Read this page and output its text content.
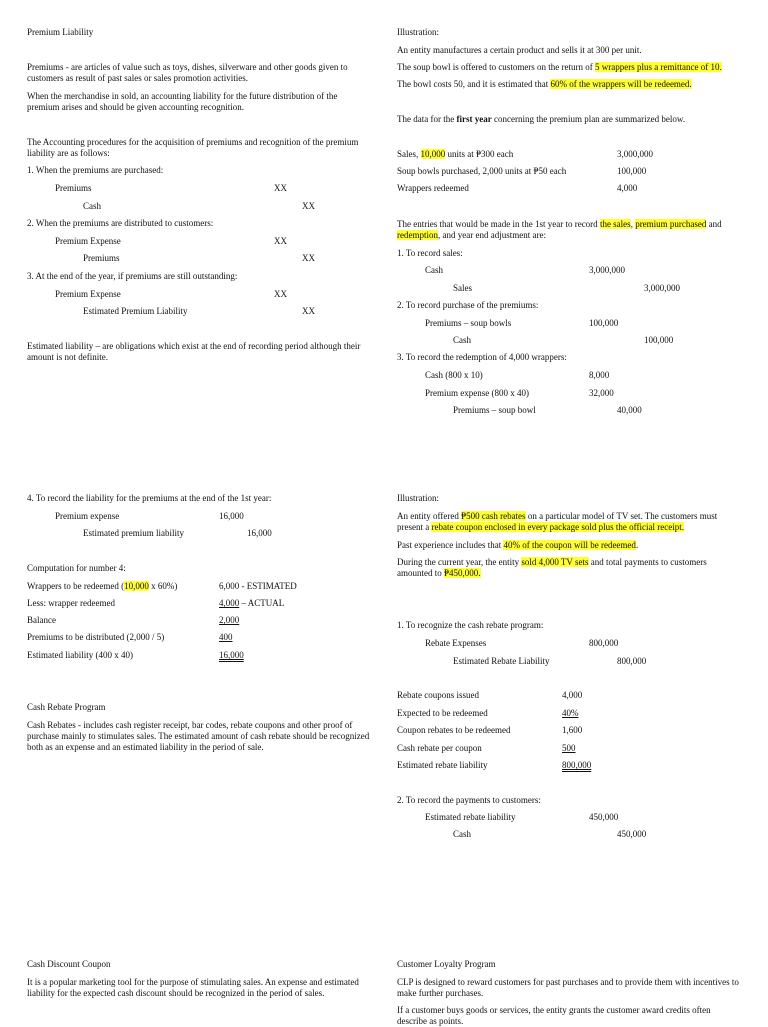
Premium Liability
Premiums - are articles of value such as toys, dishes, silverware and other goods given to customers as result of past sales or sales promotion activities.
When the merchandise in sold, an accounting liability for the future distribution of the premium arises and should be given accounting recognition.
The Accounting procedures for the acquisition of premiums and recognition of the premium liability are as follows:
1. When the premiums are purchased:
Premiums	XX
Cash	XX
2. When the premiums are distributed to customers:
Premium Expense	XX
Premiums	XX
3. At the end of the year, if premiums are still outstanding:
Premium Expense	XX
Estimated Premium Liability	XX
Estimated liability – are obligations which exist at the end of recording period although their amount is not definite.
Illustration:
An entity manufactures a certain product and sells it at 300 per unit.
The soup bowl is offered to customers on the return of 5 wrappers plus a remittance of 10.
The bowl costs 50, and it is estimated that 60% of the wrappers will be redeemed.
The data for the first year concerning the premium plan are summarized below.
Sales, 10,000 units at ₱300 each	3,000,000
Soup bowls purchased, 2,000 units at ₱50 each	100,000
Wrappers redeemed	4,000
The entries that would be made in the 1st year to record the sales, premium purchased and redemption, and year end adjustment are:
1. To record sales:
Cash	3,000,000
Sales	3,000,000
2. To record purchase of the premiums:
Premiums – soup bowls	100,000
Cash	100,000
3. To record the redemption of 4,000 wrappers:
Cash (800 x 10)	8,000
Premium expense (800 x 40)	32,000
Premiums – soup bowl	40,000
4. To record the liability for the premiums at the end of the 1st year:
Premium expense	16,000
Estimated premium liability	16,000
Computation for number 4:
Wrappers to be redeemed (10,000 x 60%)	6,000 - ESTIMATED
Less: wrapper redeemed	4,000 – ACTUAL
Balance	2,000
Premiums to be distributed (2,000 / 5)	400
Estimated liability (400 x 40)	16,000
Cash Rebate Program
Cash Rebates - includes cash register receipt, bar codes, rebate coupons and other proof of purchase mainly to stimulates sales. The estimated amount of cash rebate should be recognized both as an expense and an estimated liability in the period of sale.
Illustration:
An entity offered ₱500 cash rebates on a particular model of TV set. The customers must present a rebate coupon enclosed in every package sold plus the official receipt.
Past experience includes that 40% of the coupon will be redeemed.
During the current year, the entity sold 4,000 TV sets and total payments to customers amounted to ₱450,000.
1. To recognize the cash rebate program:
Rebate Expenses	800,000
Estimated Rebate Liability	800,000
Rebate coupons issued	4,000
Expected to be redeemed	40%
Coupon rebates to be redeemed	1,600
Cash rebate per coupon	500
Estimated rebate liability	800,000
2. To record the payments to customers:
Estimated rebate liability	450,000
Cash	450,000
Cash Discount Coupon
It is a popular marketing tool for the purpose of stimulating sales. An expense and estimated liability for the expected cash discount should be recognized in the period of sales.
Customer Loyalty Program
CLP is designed to reward customers for past purchases and to provide them with incentives to make further purchases.
If a customer buys goods or services, the entity grants the customer award credits often describe as points.
